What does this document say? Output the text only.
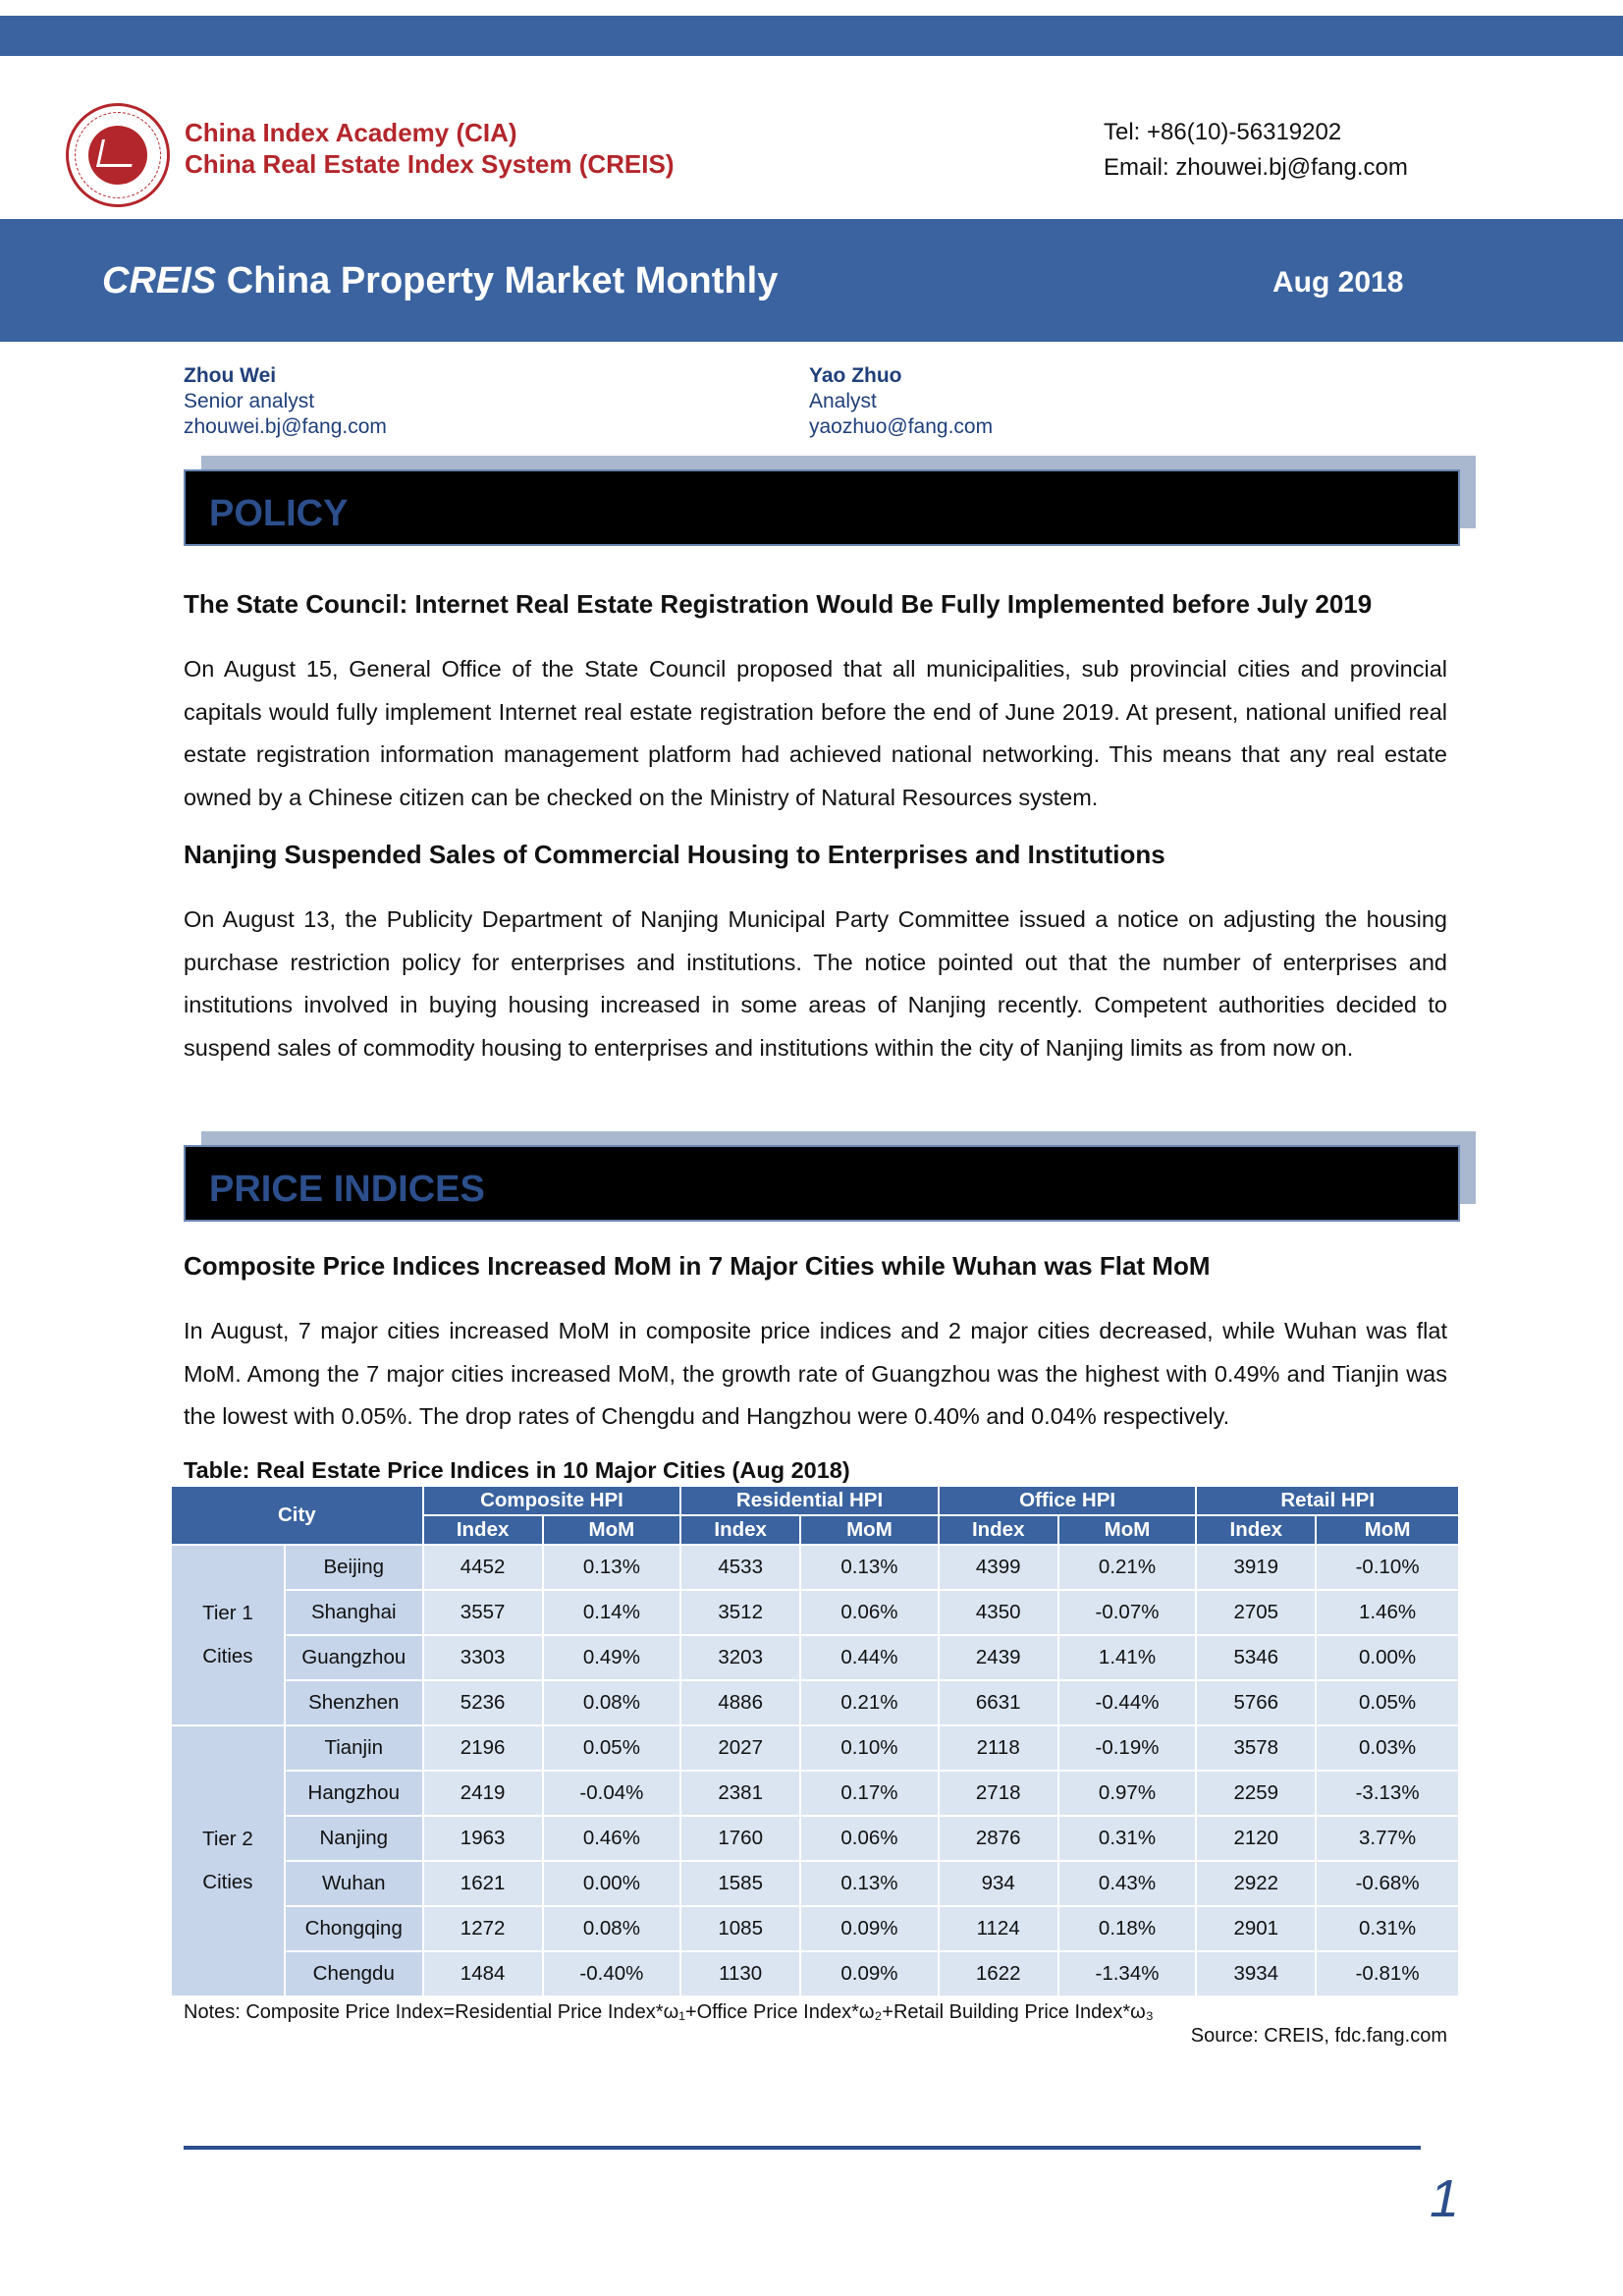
China Index Academy (CIA)
China Real Estate Index System (CREIS)
Tel: +86(10)-56319202
Email: zhouwei.bj@fang.com
CREIS China Property Market Monthly	Aug 2018
Zhou Wei
Senior analyst
zhouwei.bj@fang.com
Yao Zhuo
Analyst
yaozhuo@fang.com
POLICY
The State Council: Internet Real Estate Registration Would Be Fully Implemented before July 2019
On August 15, General Office of the State Council proposed that all municipalities, sub provincial cities and provincial capitals would fully implement Internet real estate registration before the end of June 2019. At present, national unified real estate registration information management platform had achieved national networking. This means that any real estate owned by a Chinese citizen can be checked on the Ministry of Natural Resources system.
Nanjing Suspended Sales of Commercial Housing to Enterprises and Institutions
On August 13, the Publicity Department of Nanjing Municipal Party Committee issued a notice on adjusting the housing purchase restriction policy for enterprises and institutions. The notice pointed out that the number of enterprises and institutions involved in buying housing increased in some areas of Nanjing recently. Competent authorities decided to suspend sales of commodity housing to enterprises and institutions within the city of Nanjing limits as from now on.
PRICE INDICES
Composite Price Indices Increased MoM in 7 Major Cities while Wuhan was Flat MoM
In August, 7 major cities increased MoM in composite price indices and 2 major cities decreased, while Wuhan was flat MoM. Among the 7 major cities increased MoM, the growth rate of Guangzhou was the highest with 0.49% and Tianjin was the lowest with 0.05%. The drop rates of Chengdu and Hangzhou were 0.40% and 0.04% respectively.
Table: Real Estate Price Indices in 10 Major Cities (Aug 2018)
City		Composite HPI		Residential HPI		Office HPI		Retail HPI	
		Index	MoM	Index	MoM	Index	MoM	Index	MoM
Tier 1
Cities	Beijing	4452	0.13%	4533	0.13%	4399	0.21%	3919	-0.10%
	Shanghai	3557	0.14%	3512	0.06%	4350	-0.07%	2705	1.46%
	Guangzhou	3303	0.49%	3203	0.44%	2439	1.41%	5346	0.00%
	Shenzhen	5236	0.08%	4886	0.21%	6631	-0.44%	5766	0.05%
Tier 2
Cities	Tianjin	2196	0.05%	2027	0.10%	2118	-0.19%	3578	0.03%
	Hangzhou	2419	-0.04%	2381	0.17%	2718	0.97%	2259	-3.13%
	Nanjing	1963	0.46%	1760	0.06%	2876	0.31%	2120	3.77%
	Wuhan	1621	0.00%	1585	0.13%	934	0.43%	2922	-0.68%
	Chongqing	1272	0.08%	1085	0.09%	1124	0.18%	2901	0.31%
	Chengdu	1484	-0.40%	1130	0.09%	1622	-1.34%	3934	-0.81%
Notes: Composite Price Index=Residential Price Index*ω₁+Office Price Index*ω₂+Retail Building Price Index*ω₃
Source: CREIS, fdc.fang.com
1
